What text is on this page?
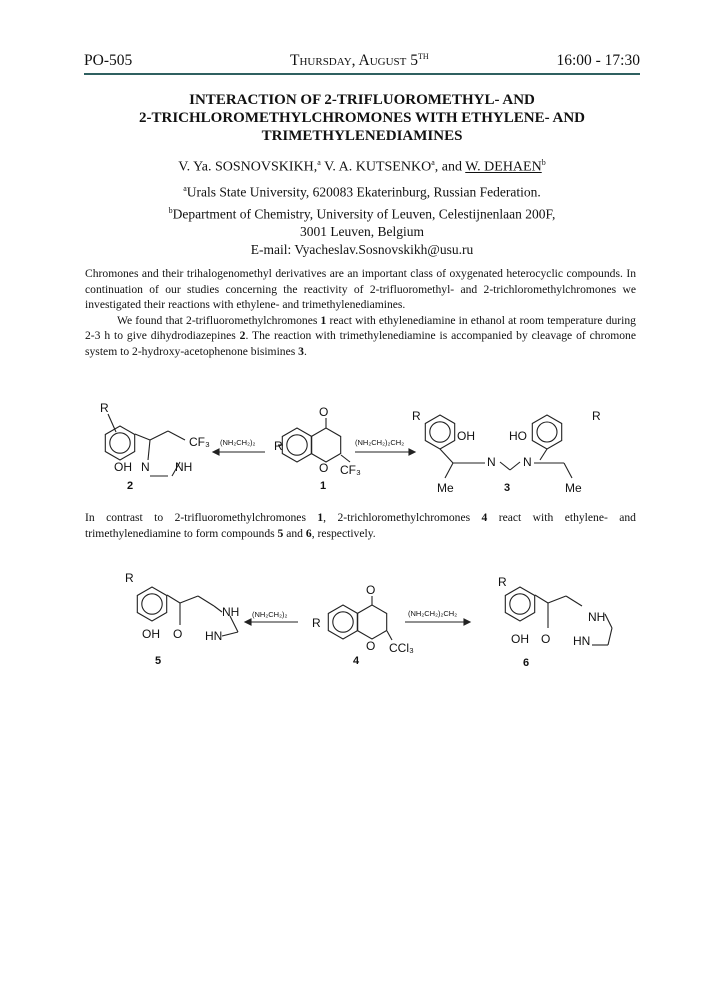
PO-505	Thursday, August 5TH	16:00 - 17:30
INTERACTION OF 2-TRIFLUOROMETHYL- AND
2-TRICHLOROMETHYLCHROMONES WITH ETHYLENE- AND
TRIMETHYLENEDIAMINES
V. Ya. SOSNOVSKIKH,$^a$ V. A. KUTSENKO$^a$, and W. DEHAEN$^b$
$^a$Urals State University, 620083 Ekaterinburg, Russian Federation.
$^b$Department of Chemistry, University of Leuven, Celestijnenlaan 200F,
3001 Leuven, Belgium
E-mail: Vyacheslav.Sosnovskikh@usu.ru

Chromones and their trihalogenomethyl derivatives are an important class of oxygenated heterocyclic compounds. In continuation of our studies concerning the reactivity of 2-trifluoromethyl- and 2-trichloromethylchromones we investigated their reactions with ethylene- and trimethylenediamines.

We found that 2-trifluoromethylchromones 1 react with ethylenediamine in ethanol at room temperature during 2-3 h to give dihydrodiazepines 2. The reaction with trimethylenediamine is accompanied by cleavage of chromone system to 2-hydroxy-acetophenone bisimines 3.

R
OH N NH
CF₃
2
(NH₂CH₂)₂ R
O
O CF₃
1
(NH₂CH₂)₂CH₂
R
OH	HO
R
N N
Me	Me
3

In contrast to 2-trifluoromethylchromones 1, 2-trichloromethylchromones 4 react with ethylene- and trimethylenediamine to form compounds 5 and 6, respectively.

R
OH O
NH
HN
5
(NH₂CH₂)₂
R
O
O CCl₃
4
(NH₂CH₂)₂CH₂
R
OH O
NH
HN
6
